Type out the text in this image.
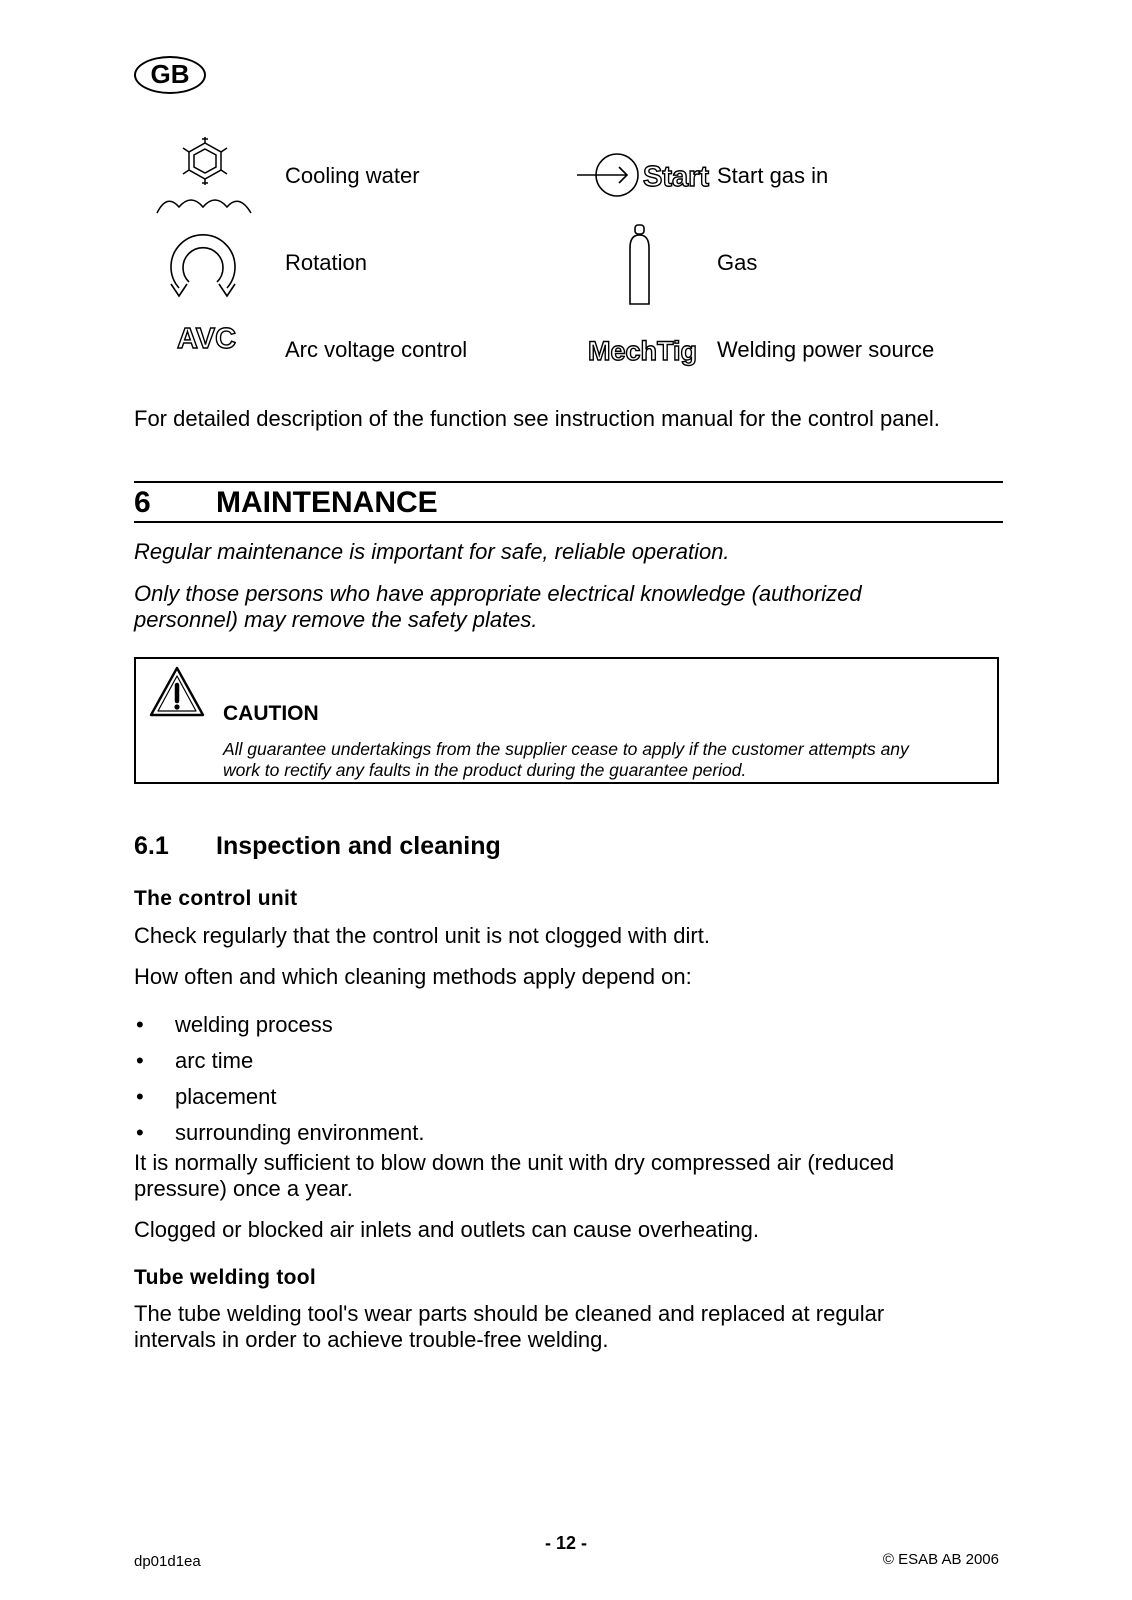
GB
Cooling water	Start Start gas in
Rotation	Gas
AVC Arc voltage control	MechTig Welding power source
For detailed description of the function see instruction manual for the control panel.
6 MAINTENANCE
Regular maintenance is important for safe, reliable operation.
Only those persons who have appropriate electrical knowledge (authorized
personnel) may remove the safety plates.
CAUTION
All guarantee undertakings from the supplier cease to apply if the customer attempts any
work to rectify any faults in the product during the guarantee period.
6.1 Inspection and cleaning
The control unit
Check regularly that the control unit is not clogged with dirt.
How often and which cleaning methods apply depend on:
• welding process
• arc time
• placement
• surrounding environment.
It is normally sufficient to blow down the unit with dry compressed air (reduced
pressure) once a year.
Clogged or blocked air inlets and outlets can cause overheating.
Tube welding tool
The tube welding tool's wear parts should be cleaned and replaced at regular
intervals in order to achieve trouble-free welding.
- 12 -
dp01d1ea	© ESAB AB 2006
